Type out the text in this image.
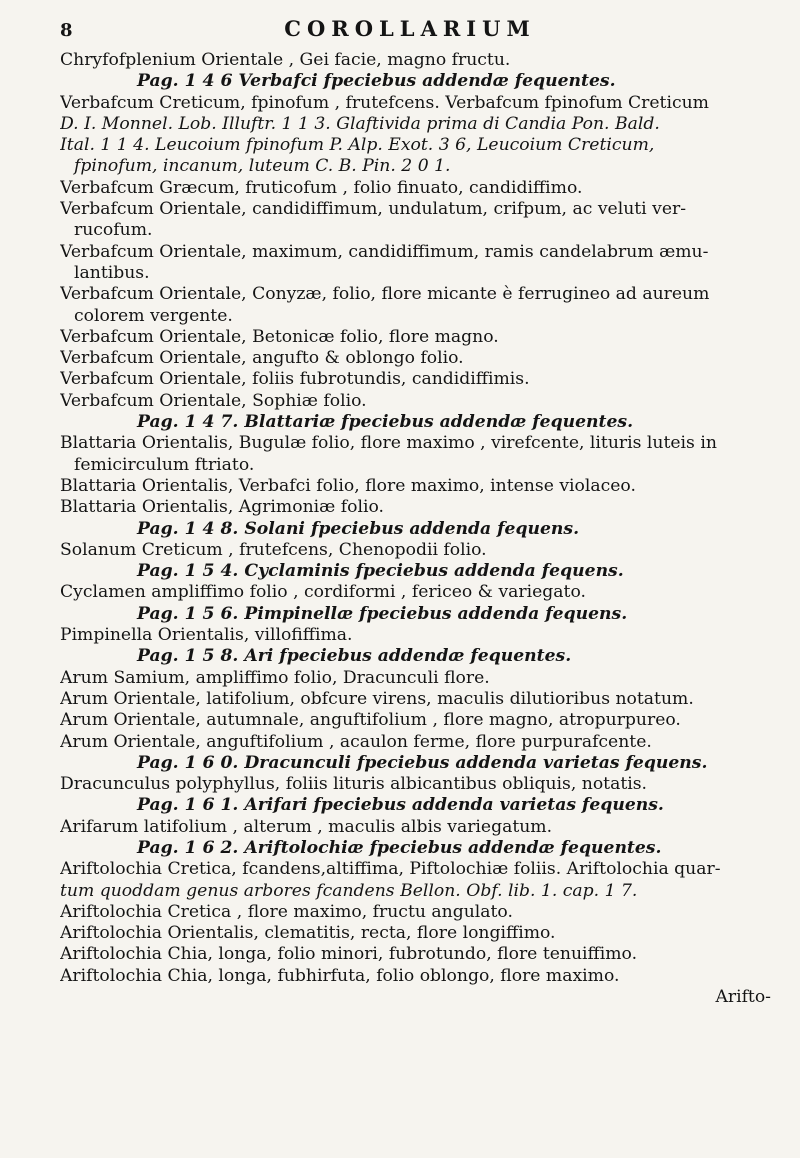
8	COROLLARIUM
Chryfofplenium Orientale , Gei facie, magno fructu.
Pag. 1 4 6 Verbafci fpeciebus addendæ fequentes.
Verbafcum Creticum, fpinofum , frutefcens. Verbafcum fpinofum Creticum
D. I. Monnel. Lob. Illuftr. 1 1 3. Glaftivida prima di Candia Pon. Bald.
Ital. 1 1 4. Leucoium fpinofum P. Alp. Exot. 3 6, Leucoium Creticum,
fpinofum, incanum, luteum C. B. Pin. 2 0 1.
Verbafcum Græcum, fruticofum , folio finuato, candidiffimo.
Verbafcum Orientale, candidiffimum, undulatum, crifpum, ac veluti ver-
rucofum.
Verbafcum Orientale, maximum, candidiffimum, ramis candelabrum æmu-
lantibus.
Verbafcum Orientale, Conyzæ, folio, flore micante è ferrugineo ad aureum
colorem vergente.
Verbafcum Orientale, Betonicæ folio, flore magno.
Verbafcum Orientale, angufto & oblongo folio.
Verbafcum Orientale, foliis fubrotundis, candidiffimis.
Verbafcum Orientale, Sophiæ folio.
Pag. 1 4 7. Blattariæ fpeciebus addendæ fequentes.
Blattaria Orientalis, Bugulæ folio, flore maximo , virefcente, lituris luteis in
femicirculum ftriato.
Blattaria Orientalis, Verbafci folio, flore maximo, intense violaceo.
Blattaria Orientalis, Agrimoniæ folio.
Pag. 1 4 8. Solani fpeciebus addenda fequens.
Solanum Creticum , frutefcens, Chenopodii folio.
Pag. 1 5 4. Cyclaminis fpeciebus addenda fequens.
Cyclamen ampliffimo folio , cordiformi , fericeo & variegato.
Pag. 1 5 6. Pimpinellæ fpeciebus addenda fequens.
Pimpinella Orientalis, villofiffima.
Pag. 1 5 8. Ari fpeciebus addendæ fequentes.
Arum Samium, ampliffimo folio, Dracunculi flore.
Arum Orientale, latifolium, obfcure virens, maculis dilutioribus notatum.
Arum Orientale, autumnale, anguftifolium , flore magno, atropurpureo.
Arum Orientale, anguftifolium , acaulon ferme, flore purpurafcente.
Pag. 1 6 0. Dracunculi fpeciebus addenda varietas fequens.
Dracunculus polyphyllus, foliis lituris albicantibus obliquis, notatis.
Pag. 1 6 1. Arifari fpeciebus addenda varietas fequens.
Arifarum latifolium , alterum , maculis albis variegatum.
Pag. 1 6 2. Ariftolochiæ fpeciebus addendæ fequentes.
Ariftolochia Cretica, fcandens,altiffima, Piftolochiæ foliis. Ariftolochia quar-
tum quoddam genus arbores fcandens Bellon. Obf. lib. 1. cap. 1 7.
Ariftolochia Cretica , flore maximo, fructu angulato.
Ariftolochia Orientalis, clematitis, recta, flore longiffimo.
Ariftolochia Chia, longa, folio minori, fubrotundo, flore tenuiffimo.
Ariftolochia Chia, longa, fubhirfuta, folio oblongo, flore maximo.
Arifto-
